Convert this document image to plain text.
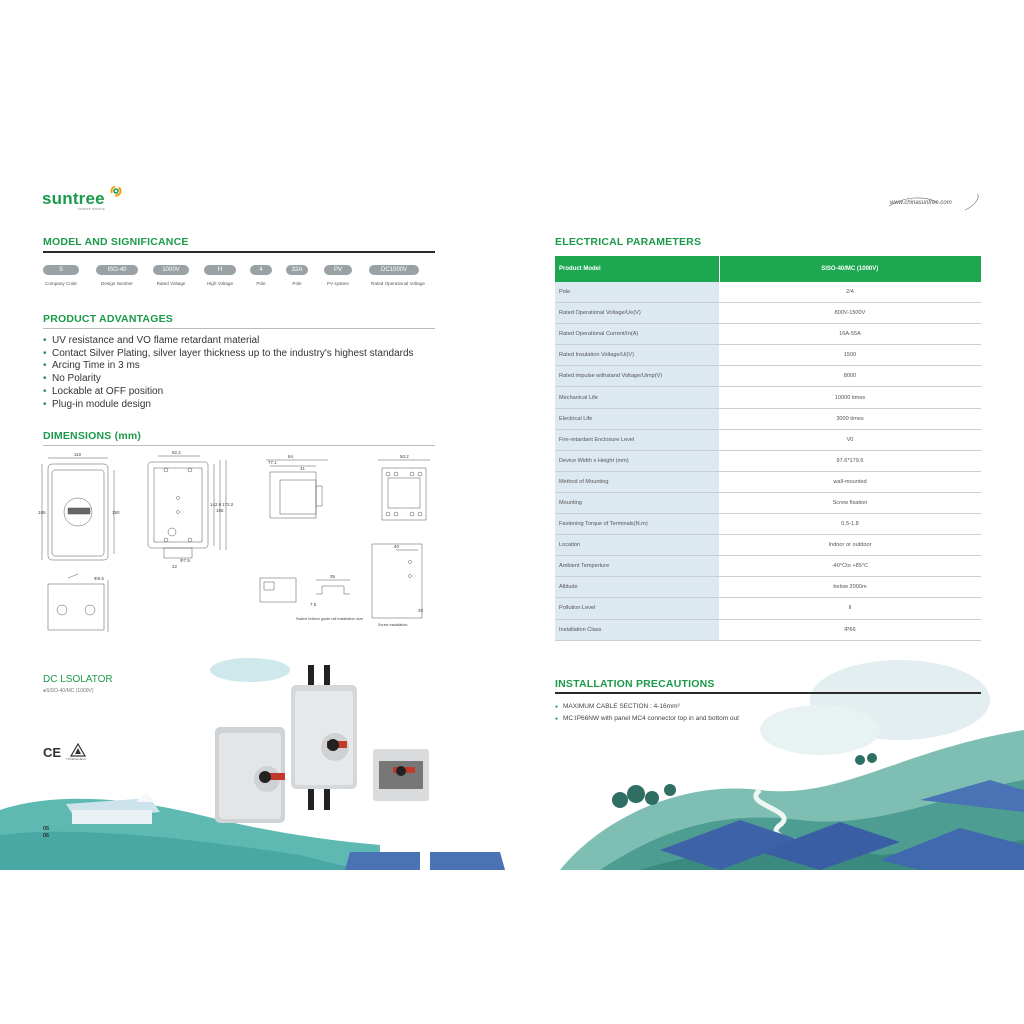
suntree
suntree electric
www.chinasuntree.com
MODEL AND SIGNIFICANCE
S	ISO-40	1000V	H	4	32A	PV	DC1000V
Company Code	Design Number	Rated Voltage	High Voltage	Pole	Pole	PV system	Rated Operational Voltage
PRODUCT ADVANTAGES
• UV resistance and VO flame retardant material
• Contact Silver Plating, silver layer thickness up to the industry's highest standards
• Arcing Time in 3 ms
• No Polarity
• Lockable at OFF position
• Plug-in module design
DIMENSIONS (mm)
110
185	150
82.2
142.6
165
172.2
Φ7.5
22
84
77.1
41
50.2
Φ6.5	35
7.5
Switch bottom guide rail installation size
40
26
Screw installation
ELECTRICAL PARAMETERS
Product Model	SISO-40/MC (1000V)
Pole	2/4
Rated Operational Voltage/Ue(V)	800V-1500V
Rated Operational Current/In(A)	16A-55A
Rated Insulation Voltage/Ui(V)	1500
Rated impulse withstand Voltage/Uimp(V)	8000
Mechanical Life	10000 times
Electrical Life	3000 times
Fire-retardant Enclosure Level	V0
Device Width x Height (mm)	97.6*179.6
Method of Mounting	wall-mounted
Mounting	Screw fixation
Fastening Torque of Terminals(N.m)	0.5-1.8
Location	Indoor or outdoor
Ambient Temperture	-40°Cto +85°C
Altitude	below 2000m
Pollution Level	II
Installation Class	IP66
DC LSOLATOR
●SISO-40/MC (1000V)
CE TÜVRheinland
05
06
INSTALLATION PRECAUTIONS
● MAXIMUM CABLE SECTION : 4-16mm²
● MC:IP66NW with panel MC4 connector top in and bottom out
